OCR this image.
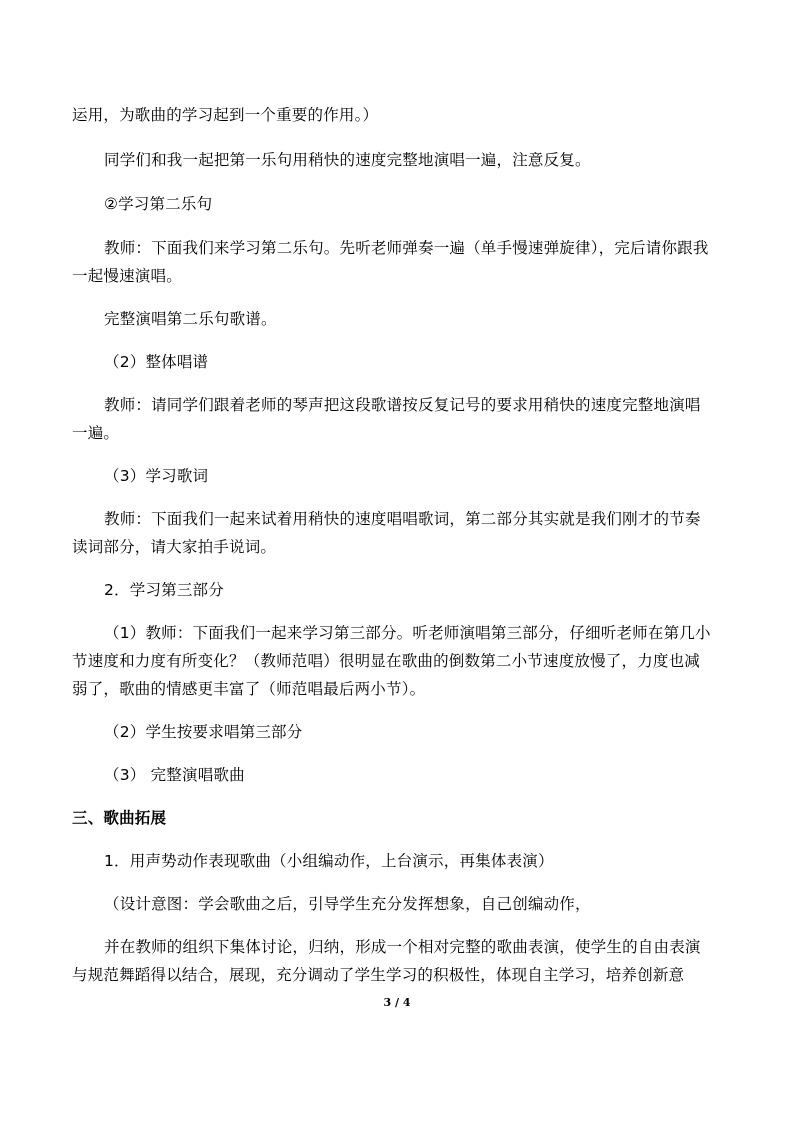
运用，为歌曲的学习起到一个重要的作用。）
同学们和我一起把第一乐句用稍快的速度完整地演唱一遍，注意反复。
②学习第二乐句
教师：下面我们来学习第二乐句。先听老师弹奏一遍（单手慢速弹旋律），完后请你跟我
一起慢速演唱。
完整演唱第二乐句歌谱。
（2）整体唱谱
教师：请同学们跟着老师的琴声把这段歌谱按反复记号的要求用稍快的速度完整地演唱
一遍。
（3）学习歌词
教师：下面我们一起来试着用稍快的速度唱唱歌词，第二部分其实就是我们刚才的节奏
读词部分，请大家拍手说词。
2．学习第三部分
（1）教师：下面我们一起来学习第三部分。听老师演唱第三部分，仔细听老师在第几小
节速度和力度有所变化？（教师范唱）很明显在歌曲的倒数第二小节速度放慢了，力度也减
弱了，歌曲的情感更丰富了（师范唱最后两小节）。
（2）学生按要求唱第三部分
（3） 完整演唱歌曲
三、歌曲拓展
1．用声势动作表现歌曲（小组编动作，上台演示，再集体表演）
（设计意图：学会歌曲之后，引导学生充分发挥想象，自己创编动作，
并在教师的组织下集体讨论，归纳，形成一个相对完整的歌曲表演，使学生的自由表演
与规范舞蹈得以结合，展现，充分调动了学生学习的积极性，体现自主学习，培养创新意
3 / 4
